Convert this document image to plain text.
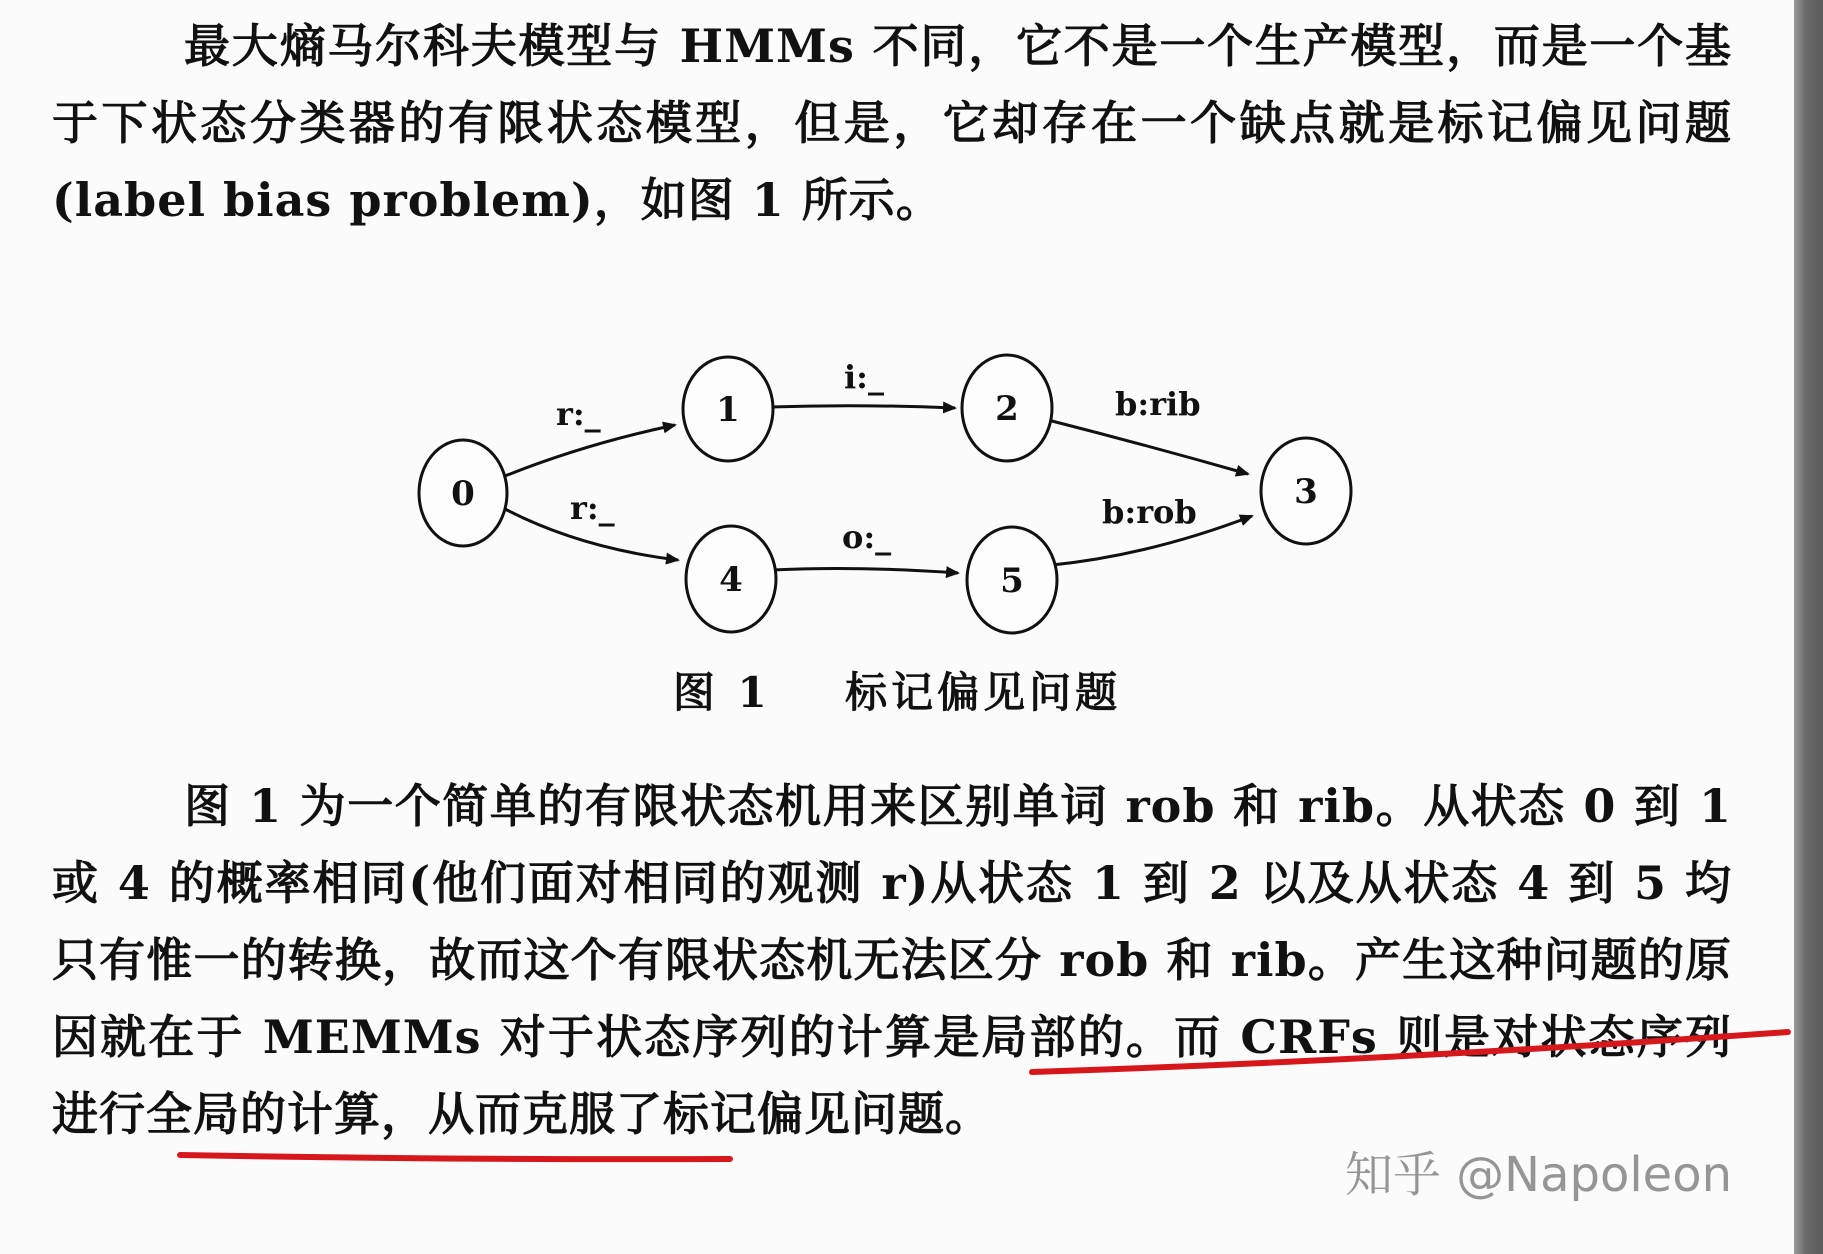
最大熵马尔科夫模型与 HMMs 不同，它不是一个生产模型，而是一个基于下状态分类器的有限状态模型，但是，它却存在一个缺点就是标记偏见问题(label bias problem)，如图 1 所示。

r:_
i:_
b:rib
r:_
o:_
b:rob
0
1	2
3
4	5
图 1    标记偏见问题

图 1 为一个简单的有限状态机用来区别单词 rob 和 rib。从状态 0 到 1 或 4 的概率相同(他们面对相同的观测 r)从状态 1 到 2 以及从状态 4 到 5 均只有惟一的转换，故而这个有限状态机无法区分 rob 和 rib。产生这种问题的原因就在于 MEMMs 对于状态序列的计算是局部的。而 CRFs 则是对状态序列进行全局的计算，从而克服了标记偏见问题。

知乎 @Napoleon
